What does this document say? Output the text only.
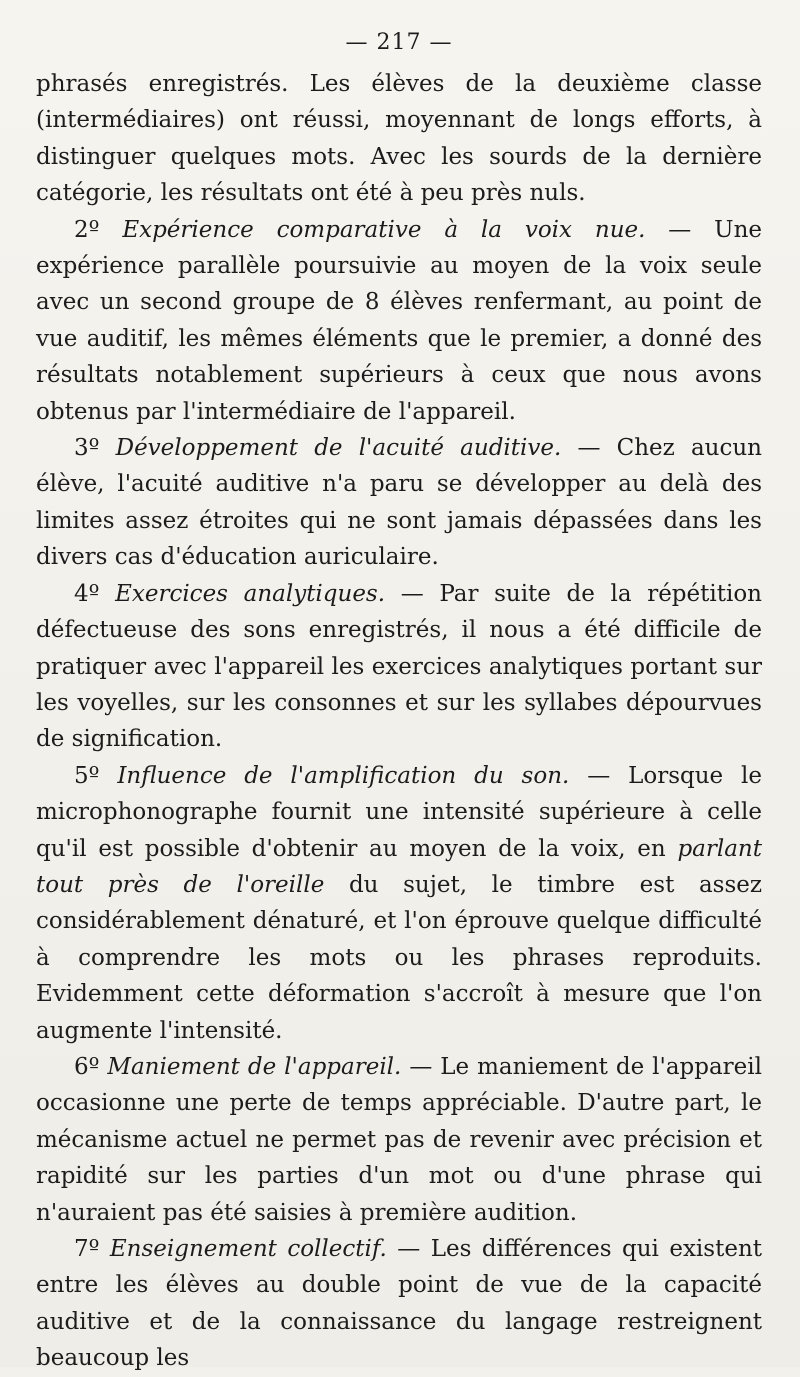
— 217 —

phrasés enregistrés. Les élèves de la deuxième classe (intermédiaires) ont réussi, moyennant de longs efforts, à distinguer quelques mots. Avec les sourds de la dernière catégorie, les résultats ont été à peu près nuls.

2º Expérience comparative à la voix nue. — Une expérience parallèle poursuivie au moyen de la voix seule avec un second groupe de 8 élèves renfermant, au point de vue auditif, les mêmes éléments que le premier, a donné des résultats notablement supérieurs à ceux que nous avons obtenus par l'intermédiaire de l'appareil.

3º Développement de l'acuité auditive. — Chez aucun élève, l'acuité auditive n'a paru se développer au delà des limites assez étroites qui ne sont jamais dépassées dans les divers cas d'éducation auriculaire.

4º Exercices analytiques. — Par suite de la répétition défectueuse des sons enregistrés, il nous a été difficile de pratiquer avec l'appareil les exercices analytiques portant sur les voyelles, sur les consonnes et sur les syllabes dépourvues de signification.

5º Influence de l'amplification du son. — Lorsque le microphonographe fournit une intensité supérieure à celle qu'il est possible d'obtenir au moyen de la voix, en parlant tout près de l'oreille du sujet, le timbre est assez considérablement dénaturé, et l'on éprouve quelque difficulté à comprendre les mots ou les phrases reproduits. Evidemment cette déformation s'accroît à mesure que l'on augmente l'intensité.

6º Maniement de l'appareil. — Le maniement de l'appareil occasionne une perte de temps appréciable. D'autre part, le mécanisme actuel ne permet pas de revenir avec précision et rapidité sur les parties d'un mot ou d'une phrase qui n'auraient pas été saisies à première audition.

7º Enseignement collectif. — Les différences qui existent entre les élèves au double point de vue de la capacité auditive et de la connaissance du langage restreignent beaucoup les
